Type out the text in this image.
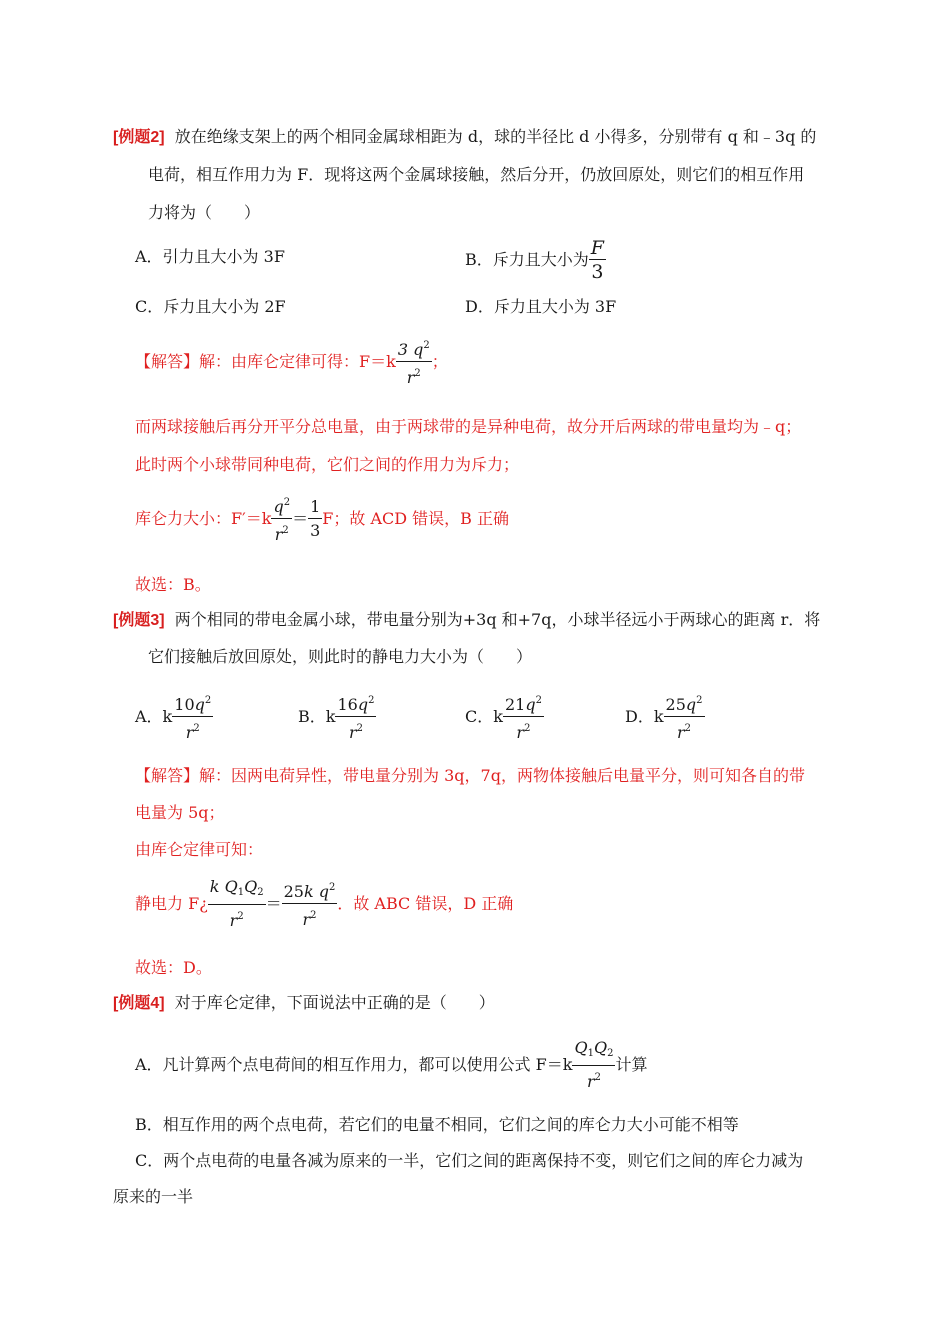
[例题2] 放在绝缘支架上的两个相同金属球相距为 d，球的半径比 d 小得多，分别带有 q 和﹣3q 的
电荷，相互作用力为 F．现将这两个金属球接触，然后分开，仍放回原处，则它们的相互作用
力将为（　　）
A．引力且大小为 3F	B．斥力且大小为 $\frac{F}{3}$
C．斥力且大小为 2F	D．斥力且大小为 3F
【解答】解：由库仑定律可得：$F=k \frac{3 q^2}{r^2}$ ；
而两球接触后再分开平分总电量，由于两球带的是异种电荷，故分开后两球的带电量均为﹣q；
此时两个小球带同种电荷，它们之间的作用力为斥力；
库仑力大小：$F'=k \frac{q^2}{r^2} = \frac{1}{3}$ F；故 ACD 错误，B 正确
故选：B。
[例题3] 两个相同的带电金属小球，带电量分别为+3q 和+7q，小球半径远小于两球心的距离 r．将
它们接触后放回原处，则此时的静电力大小为（　　）
A．k $\frac{10q^2}{r^2}$	B．k $\frac{16q^2}{r^2}$	C．k $\frac{21q^2}{r^2}$	D．k $\frac{25q^2}{r^2}$
【解答】解：因两电荷异性，带电量分别为 3q，7q，两物体接触后电量平分，则可知各自的带
电量为 5q；
由库仑定律可知：
静电力 F¿ $\frac{k Q_1Q_2}{r^2} = \frac{25k q^2}{r^2}$ ．故 ABC 错误，D 正确
故选：D。
[例题4] 对于库仑定律，下面说法中正确的是（　　）
A．凡计算两个点电荷间的相互作用力，都可以使用公式 $F=k \frac{Q_1Q_2}{r^2}$ 计算
B．相互作用的两个点电荷，若它们的电量不相同，它们之间的库仑力大小可能不相等
C．两个点电荷的电量各减为原来的一半，它们之间的距离保持不变，则它们之间的库仑力减为
原来的一半
